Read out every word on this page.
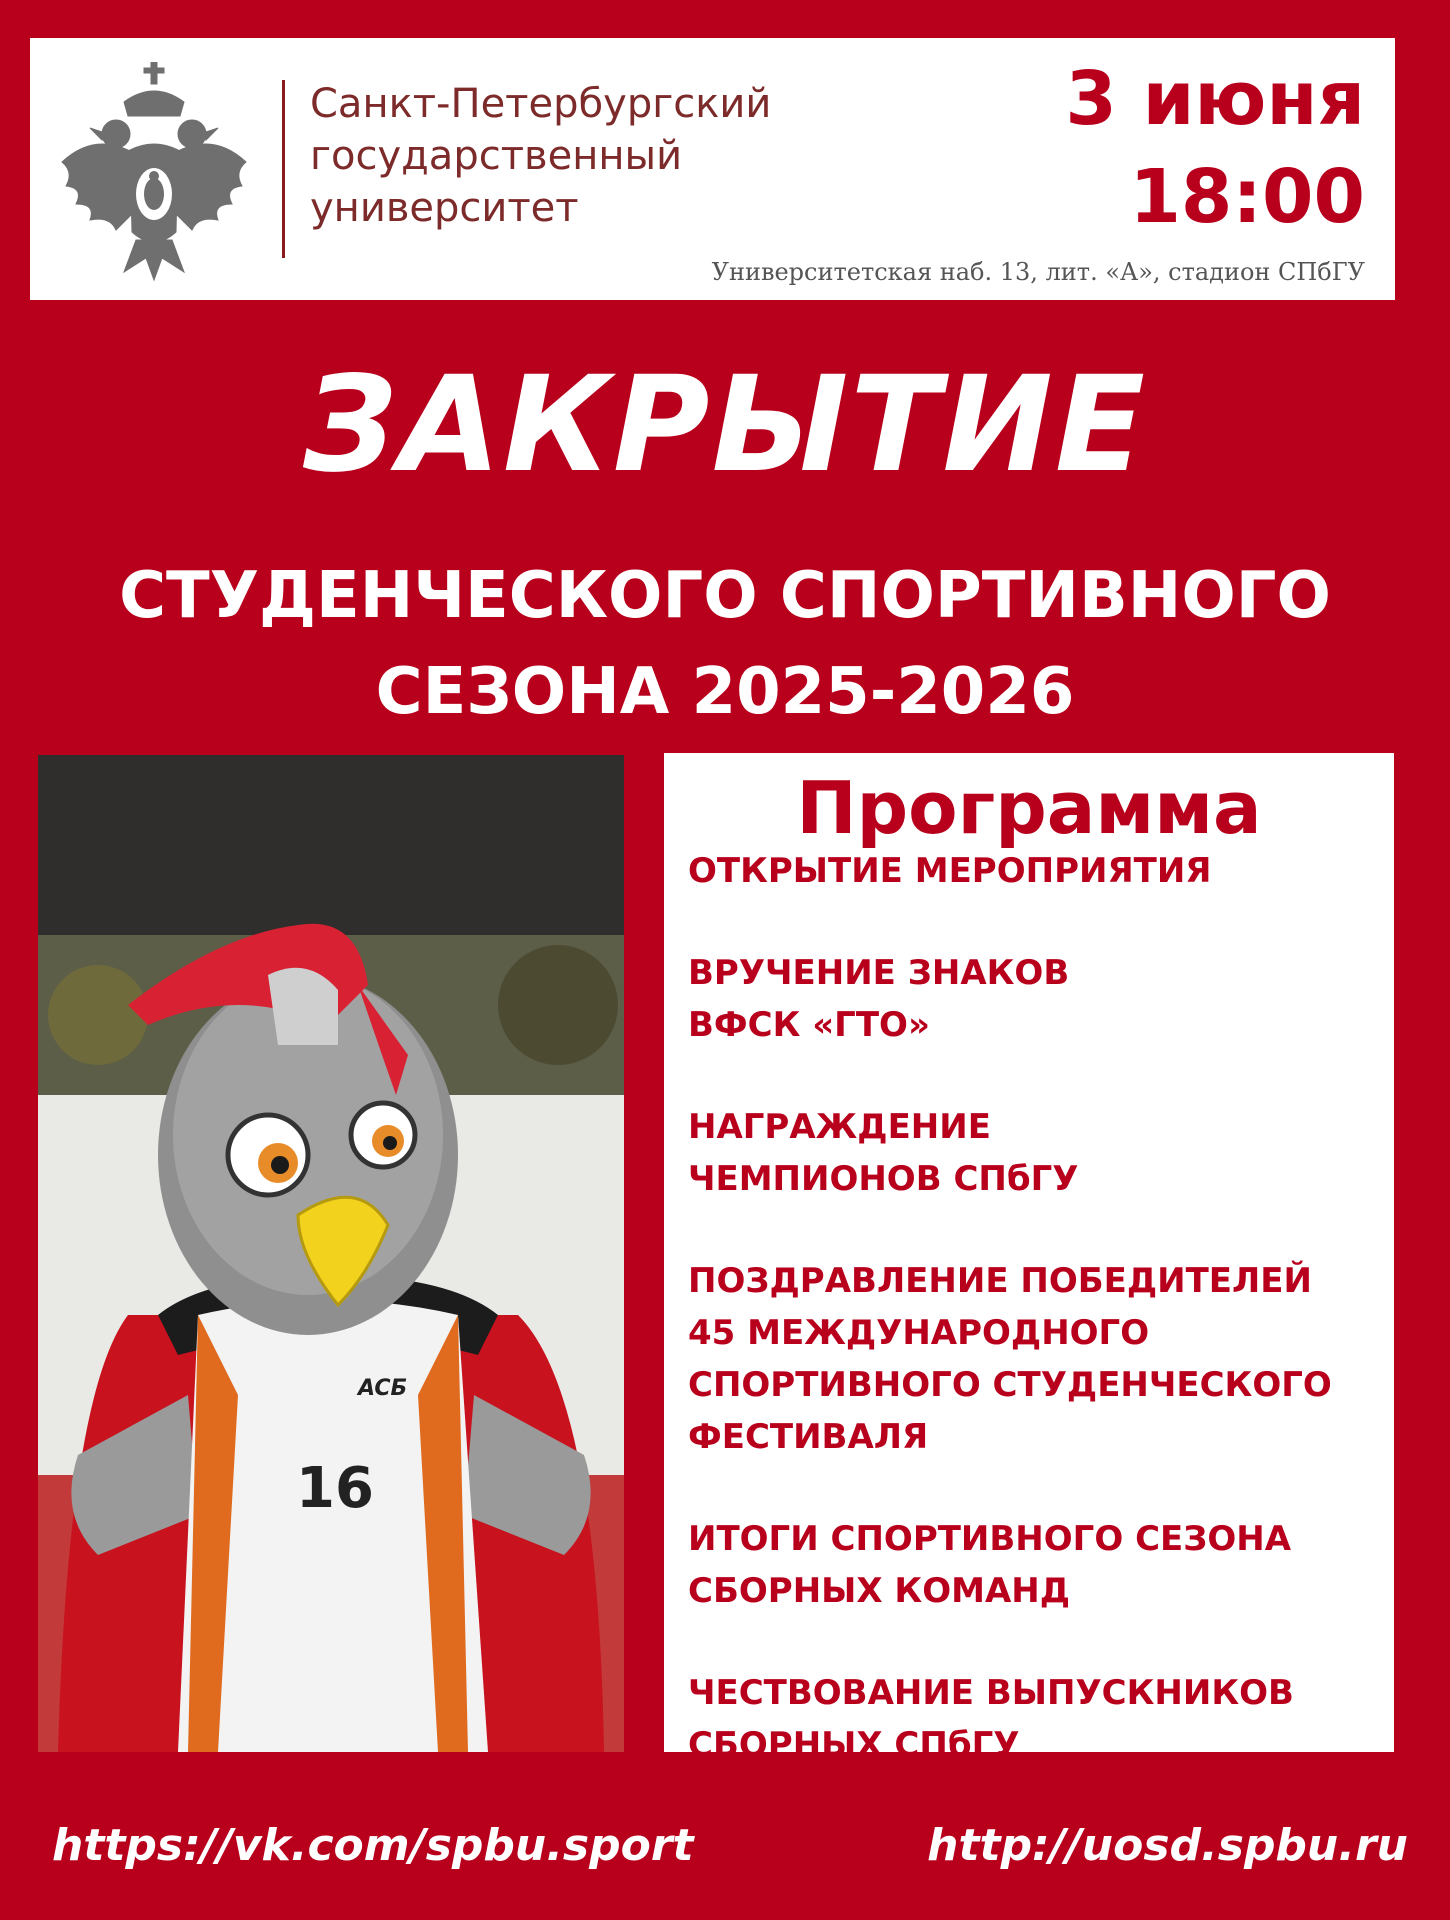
Санкт-Петербургский
государственный
университет
3 июня
18:00
Университетская наб. 13, лит. «А», стадион СПбГУ
ЗАКРЫТИЕ
СТУДЕНЧЕСКОГО СПОРТИВНОГО
СЕЗОНА 2025-2026
16
ACБ
Программа
ОТКРЫТИЕ МЕРОПРИЯТИЯ
ВРУЧЕНИЕ ЗНАКОВ
ВФСК «ГТО»
НАГРАЖДЕНИЕ
ЧЕМПИОНОВ СПбГУ
ПОЗДРАВЛЕНИЕ ПОБЕДИТЕЛЕЙ
45 МЕЖДУНАРОДНОГО
СПОРТИВНОГО СТУДЕНЧЕСКОГО
ФЕСТИВАЛЯ
ИТОГИ СПОРТИВНОГО СЕЗОНА
СБОРНЫХ КОМАНД
ЧЕСТВОВАНИЕ ВЫПУСКНИКОВ
СБОРНЫХ СПбГУ
https://vk.com/spbu.sport	http://uosd.spbu.ru
